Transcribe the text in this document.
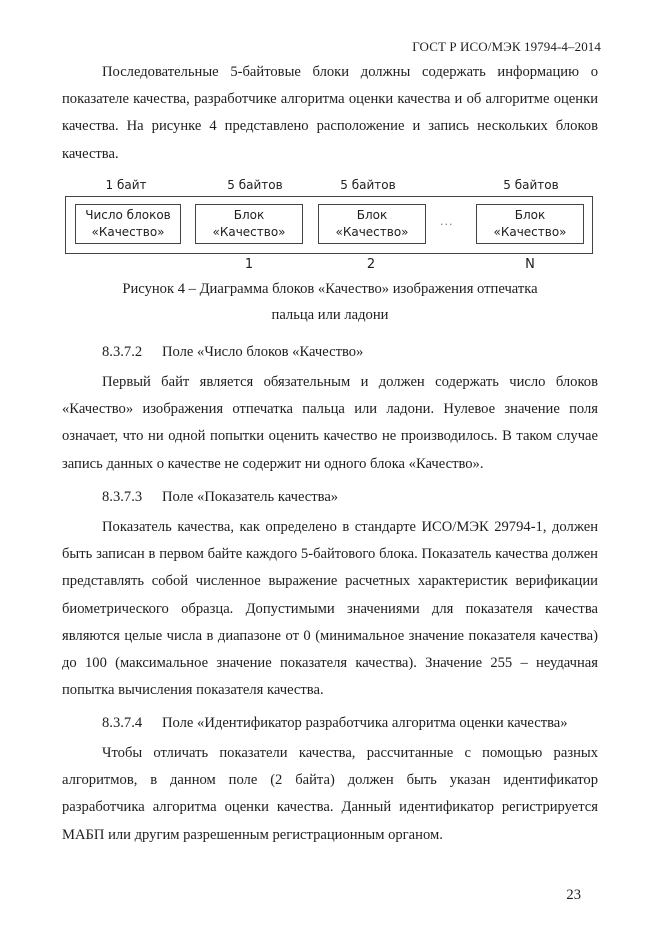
ГОСТ Р ИСО/МЭК 19794-4–2014

Последовательные 5-байтовые блоки должны содержать информацию о показателе качества, разработчике алгоритма оценки качества и об алгоритме оценки качества. На рисунке 4 представлено расположение и запись нескольких блоков качества.

1 байт	5 байтов	5 байтов	5 байтов
Число блоков
«Качество»
Блок
«Качество»
Блок
«Качество»
...	Блок
«Качество»
1	2	N
Рисунок 4 – Диаграмма блоков «Качество» изображения отпечатка
пальца или ладони
8.3.7.2 Поле «Число блоков «Качество»

Первый байт является обязательным и должен содержать число блоков «Качество» изображения отпечатка пальца или ладони. Нулевое значение поля означает, что ни одной попытки оценить качество не производилось. В таком случае запись данных о качестве не содержит ни одного блока «Качество».

8.3.7.3 Поле «Показатель качества»

Показатель качества, как определено в стандарте ИСО/МЭК 29794-1, должен быть записан в первом байте каждого 5-байтового блока. Показатель качества должен представлять собой численное выражение расчетных характеристик верификации биометрического образца. Допустимыми значениями для показателя качества являются целые числа в диапазоне от 0 (минимальное значение показателя качества) до 100 (максимальное значение показателя качества). Значение 255 – неудачная попытка вычисления показателя качества.

8.3.7.4 Поле «Идентификатор разработчика алгоритма оценки качества»

Чтобы отличать показатели качества, рассчитанные с помощью разных алгоритмов, в данном поле (2 байта) должен быть указан идентификатор разработчика алгоритма оценки качества. Данный идентификатор регистрируется МАБП или другим разрешенным регистрационным органом.

23
